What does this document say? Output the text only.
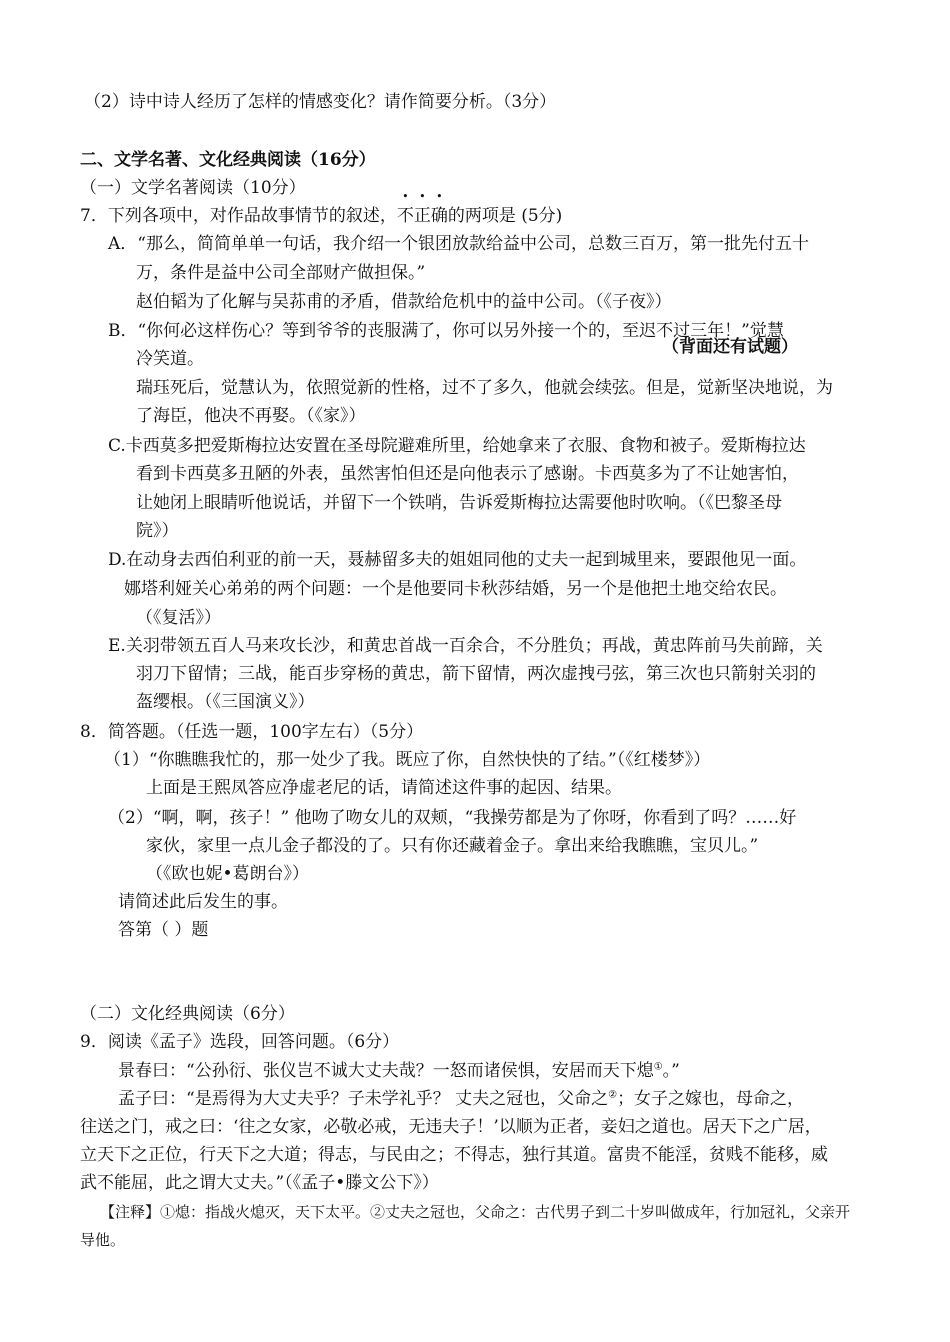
（2）诗中诗人经历了怎样的情感变化？请作简要分析。（3分）
二、文学名著、文化经典阅读（16分）
（一）文学名著阅读（10分）
7．下列各项中，对作品故事情节的叙述，不正确的两项是 (5分)
A．“那么，简简单单一句话，我介绍一个银团放款给益中公司，总数三百万，第一批先付五十
万，条件是益中公司全部财产做担保。”
赵伯韬为了化解与吴荪甫的矛盾，借款给危机中的益中公司。（《子夜》）
B．“你何必这样伤心？等到爷爷的丧服满了，你可以另外接一个的，至迟不过三年！”觉慧
冷笑道。
瑞珏死后，觉慧认为，依照觉新的性格，过不了多久，他就会续弦。但是，觉新坚决地说，为
了海臣，他决不再娶。（《家》）
（背面还有试题）
C.卡西莫多把爱斯梅拉达安置在圣母院避难所里，给她拿来了衣服、食物和被子。爱斯梅拉达
看到卡西莫多丑陋的外表，虽然害怕但还是向他表示了感谢。卡西莫多为了不让她害怕，
让她闭上眼睛听他说话，并留下一个铁哨，告诉爱斯梅拉达需要他时吹响。（《巴黎圣母
院》）
D.在动身去西伯利亚的前一天，聂赫留多夫的姐姐同他的丈夫一起到城里来，要跟他见一面。
娜塔利娅关心弟弟的两个问题：一个是他要同卡秋莎结婚，另一个是他把土地交给农民。
（《复活》）
E.关羽带领五百人马来攻长沙，和黄忠首战一百余合，不分胜负；再战，黄忠阵前马失前蹄，关
羽刀下留情；三战，能百步穿杨的黄忠，箭下留情，两次虚拽弓弦，第三次也只箭射关羽的
盔缨根。（《三国演义》）
8．简答题。（任选一题，100字左右）（5分）
（1）“你瞧瞧我忙的，那一处少了我。既应了你，自然快快的了结。”（《红楼梦》）
上面是王熙凤答应净虚老尼的话，请简述这件事的起因、结果。
（2）“啊，啊，孩子！” 他吻了吻女儿的双颊，“我操劳都是为了你呀，你看到了吗？……好
家伙，家里一点儿金子都没的了。只有你还藏着金子。拿出来给我瞧瞧，宝贝儿。”
（《欧也妮•葛朗台》）
请简述此后发生的事。
答第（ ）题
（二）文化经典阅读（6分）
9．阅读《孟子》选段，回答问题。（6分）
景春曰：“公孙衍、张仪岂不诚大丈夫哉？一怒而诸侯惧，安居而天下熄①。”
孟子曰：“是焉得为大丈夫乎？子未学礼乎？ 丈夫之冠也，父命之②；女子之嫁也，母命之，
往送之门，戒之曰：‘往之女家，必敬必戒，无违夫子！’以顺为正者，妾妇之道也。居天下之广居，
立天下之正位，行天下之大道；得志，与民由之；不得志，独行其道。富贵不能淫，贫贱不能移，威
武不能屈，此之谓大丈夫。”（《孟子•滕文公下》）
【注释】①熄：指战火熄灭，天下太平。②丈夫之冠也，父命之：古代男子到二十岁叫做成年，行加冠礼，父亲开
导他。
